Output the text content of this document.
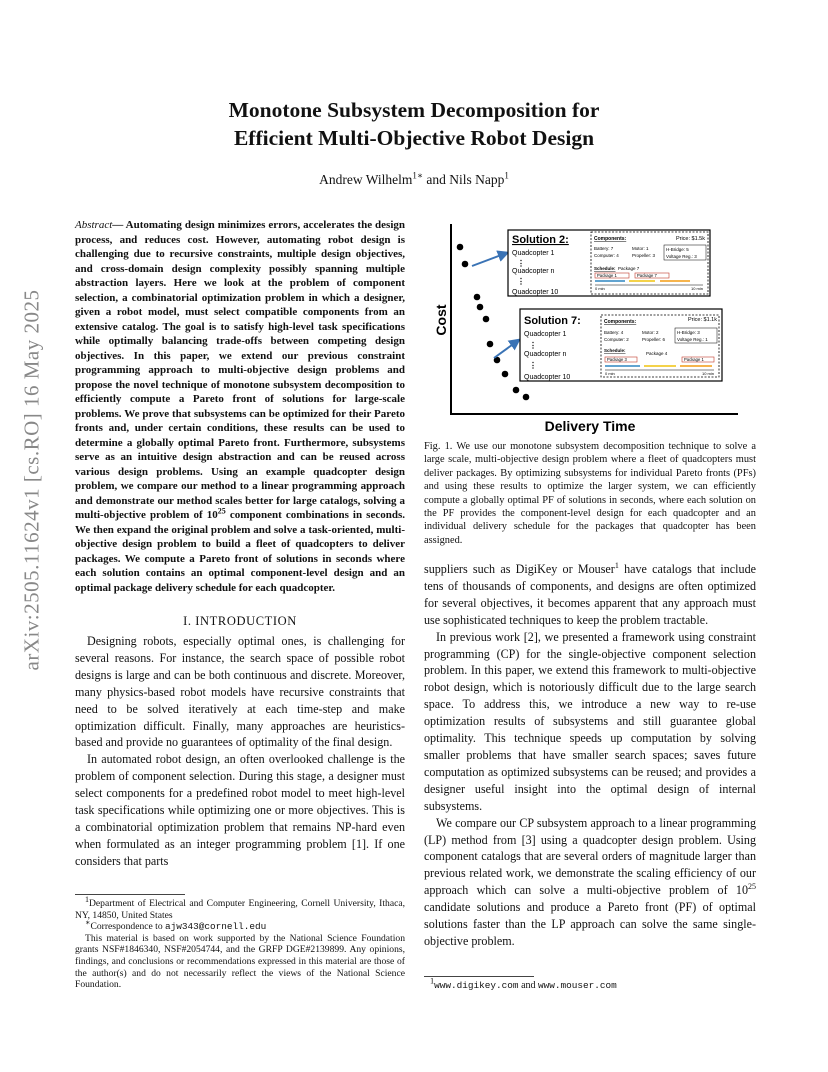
arXiv:2505.11624v1 [cs.RO] 16 May 2025
Monotone Subsystem Decomposition for
Efficient Multi-Objective Robot Design
Andrew Wilhelm$^{1∗}$ and Nils Napp$^1$
Abstract— Automating design minimizes errors, accelerates the design process, and reduces cost. However, automating robot design is challenging due to recursive constraints, multiple design objectives, and cross-domain design complexity possibly spanning multiple abstraction layers. Here we look at the problem of component selection, a combinatorial optimization problem in which a designer, given a robot model, must select compatible components from an extensive catalog. The goal is to satisfy high-level task specifications while optimally balancing trade-offs between competing design objectives. In this paper, we extend our previous constraint programming approach to multi-objective design problems and propose the novel technique of monotone subsystem decomposition to efficiently compute a Pareto front of solutions for large-scale problems. We prove that subsystems can be optimized for their Pareto fronts and, under certain conditions, these results can be used to determine a globally optimal Pareto front. Furthermore, subsystems serve as an intuitive design abstraction and can be reused across various design problems. Using an example quadcopter design problem, we compare our method to a linear programming approach and demonstrate our method scales better for large catalogs, solving a multi-objective problem of $10^{25}$ component combinations in seconds. We then expand the original problem and solve a task-oriented, multi-objective design problem to build a fleet of quadcopters to deliver packages. We compute a Pareto front of solutions in seconds where each solution contains an optimal component-level design and an optimal package delivery schedule for each quadcopter.
I. INTRODUCTION

Designing robots, especially optimal ones, is challenging for several reasons. For instance, the search space of possible robot designs is large and can be both continuous and discrete. Moreover, many physics-based robot models have recursive constraints that need to be solved iteratively at each time-step and make optimization difficult. Finally, many approaches are heuristics-based and provide no guarantees of optimality of the final design.

In automated robot design, an often overlooked challenge is the problem of component selection. During this stage, a designer must select components for a predefined robot model to meet high-level task specifications while optimizing one or more objectives. This is a combinatorial optimization problem that remains NP-hard even when formulated as an integer programming problem [1]. If one considers that parts

$^1$Department of Electrical and Computer Engineering, Cornell University, Ithaca, NY, 14850, United States
∗Correspondence to ajw343@cornell.edu
This material is based on work supported by the National Science Foundation grants NSF#1846340, NSF#2054744, and the GRFP DGE#2139899. Any opinions, findings, and conclusions or recommendations expressed in this material are those of the author(s) and do not necessarily reflect the views of the National Science Foundation.
Cost
Delivery Time
Solution 2:
Quadcopter 1
⋮
Quadcopter n
⋮
Quadcopter 10
Components:	Price: $1.5k
Battery: 7
Computer: 4
Motor: 1
Propeller: 3
H-Bridge: 5
Voltage Reg.: 3
Schedule: Package 7
Package 1	Package 7
0 min	10 min
Solution 7:
Quadcopter 1
⋮
Quadcopter n
⋮
Quadcopter 10
Components:	Price: $1.1k
Battery: 4
Computer: 2
Motor: 2
Propeller: 6
H-Bridge: 3
Voltage Reg.: 1
Schedule:
Package 4
Package 3	Package 1
0 min	10 min
Fig. 1. We use our monotone subsystem decomposition technique to solve a large scale, multi-objective design problem where a fleet of quadcopters must deliver packages. By optimizing subsystems for individual Pareto fronts (PFs) and using these results to optimize the larger system, we can efficiently compute a globally optimal PF of solutions in seconds, where each solution on the PF provides the component-level design for each quadcopter and an individual delivery schedule for the packages that quadcopter has been assigned.

suppliers such as DigiKey or Mouser$^1$ have catalogs that include tens of thousands of components, and designs are often optimized for several objectives, it becomes apparent that any approach must use sophisticated techniques to keep the problem tractable.

In previous work [2], we presented a framework using constraint programming (CP) for the single-objective component selection problem. In this paper, we extend this framework to multi-objective robot design, which is notoriously difficult due to the large search space. To address this, we introduce a new way to re-use optimization results of subsystems and still guarantee global optimality. This technique speeds up computation by solving smaller problems that have smaller search spaces; saves future computation as optimized subsystems can be reused; and provides a designer useful insight into the optimal design of internal subsystems.

We compare our CP subsystem approach to a linear programming (LP) method from [3] using a quadcopter design problem. Using component catalogs that are several orders of magnitude larger than previous related work, we demonstrate the scaling efficiency of our approach which can solve a multi-objective problem of $10^{25}$ candidate solutions and produce a Pareto front (PF) of optimal solutions faster than the LP approach can solve the same single-objective problem.

$^1$www.digikey.com and www.mouser.com
